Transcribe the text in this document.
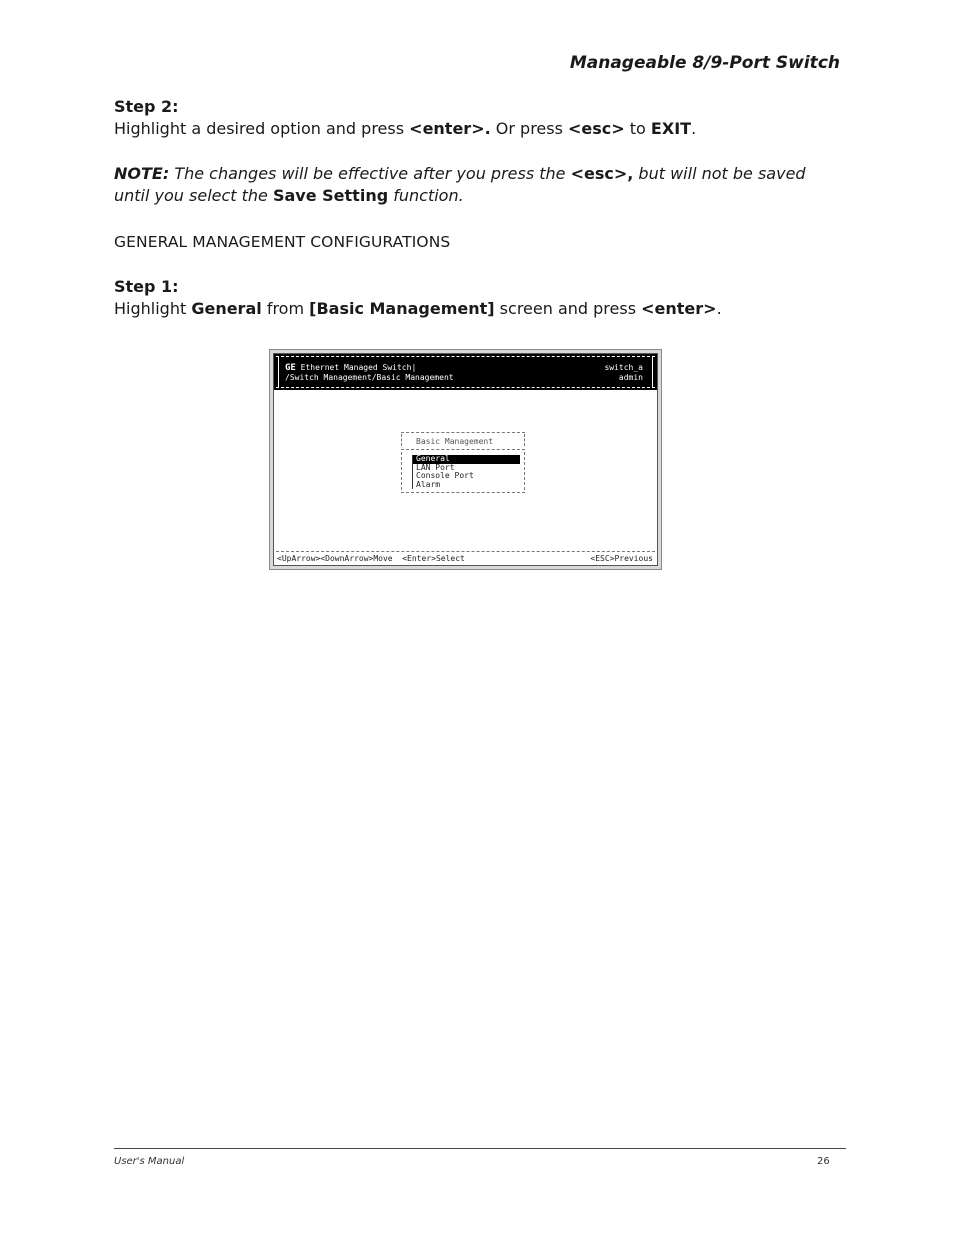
Manageable 8/9-Port Switch

Step 2:

Highlight a desired option and press <enter>. Or press <esc> to EXIT.

NOTE: The changes will be effective after you press the <esc>, but will not be saved until you select the Save Setting function.

GENERAL MANAGEMENT CONFIGURATIONS

Step 1:

Highlight General from [Basic Management] screen and press <enter>.

GE Ethernet Managed Switch|
/Switch Management/Basic Management
switch_a
admin
Basic Management
General
LAN Port
Console Port
Alarm
<UpArrow><DownArrow>Move  <Enter>Select	<ESC>Previous
User's Manual	26
